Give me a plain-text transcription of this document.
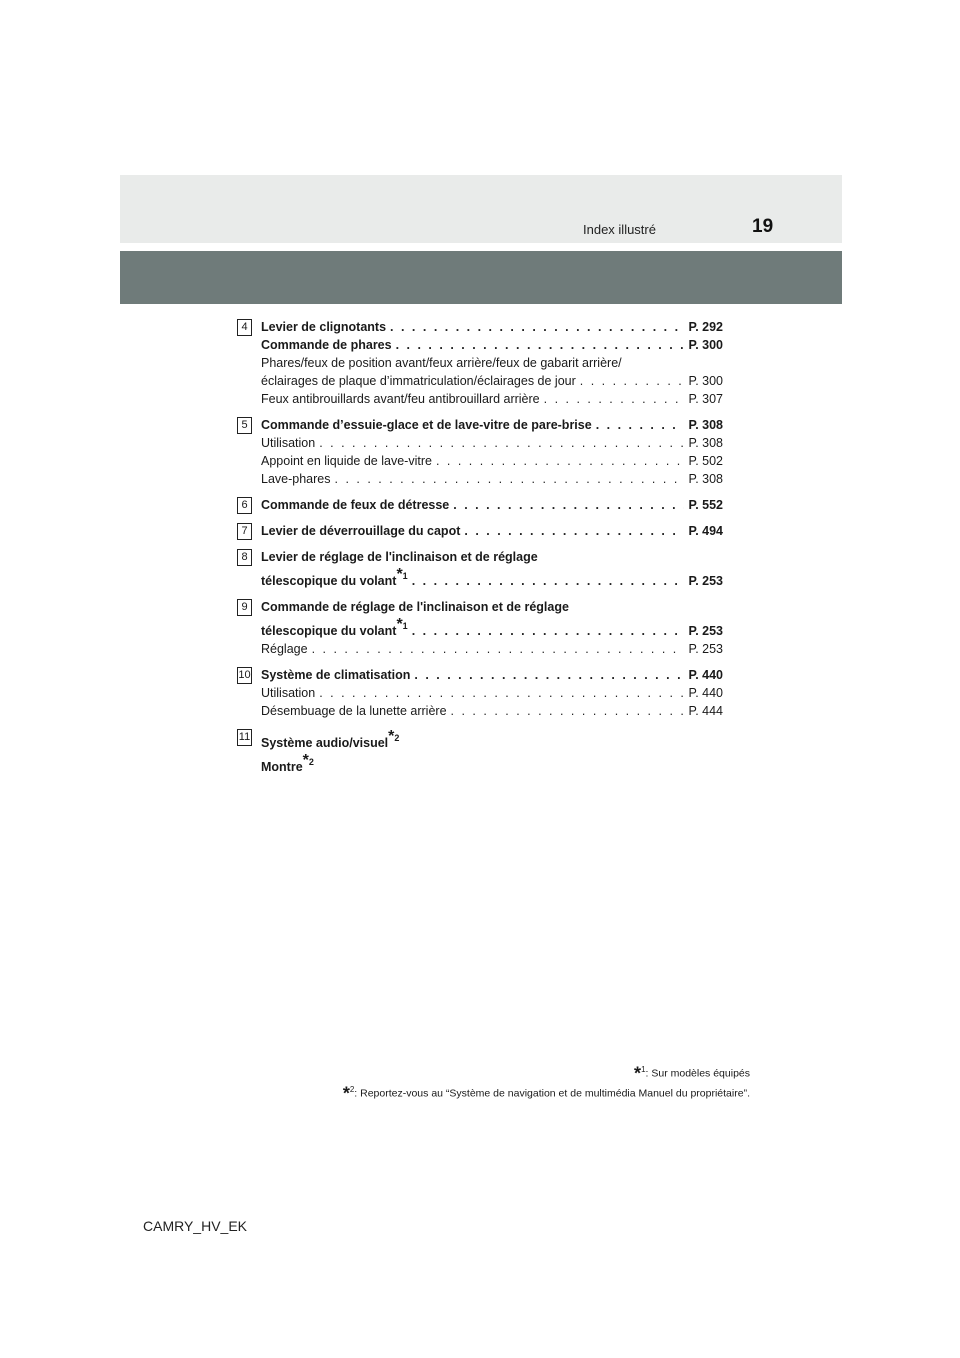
Index illustré	19
4	Levier de clignotants . . .	P. 292
Commande de phares . . .	P. 300
Phares/feux de position avant/feux arrière/feux de gabarit arrière/
éclairages de plaque d’immatriculation/éclairages de jour . . .	P. 300
Feux antibrouillards avant/feu antibrouillard arrière . . .	P. 307
5	Commande d’essuie-glace et de lave-vitre de pare-brise . . .	P. 308
Utilisation . . .	P. 308
Appoint en liquide de lave-vitre . . .	P. 502
Lave-phares . . .	P. 308
6	Commande de feux de détresse . . .	P. 552
7	Levier de déverrouillage du capot . . .	P. 494
8	Levier de réglage de l'inclinaison et de réglage
télescopique du volant$^{*1}$ . . .	P. 253
9	Commande de réglage de l'inclinaison et de réglage
télescopique du volant$^{*1}$ . . .	P. 253
Réglage . . .	P. 253
10 Système de climatisation . . .	P. 440
Utilisation . . .	P. 440
Désembuage de la lunette arrière . . .	P. 444
11 Système audio/visuel$^{*2}$
Montre$^{*2}$
*$^1$: Sur modèles équipés
*$^2$: Reportez-vous au “Système de navigation et de multimédia Manuel du propriétaire”.
CAMRY_HV_EK
